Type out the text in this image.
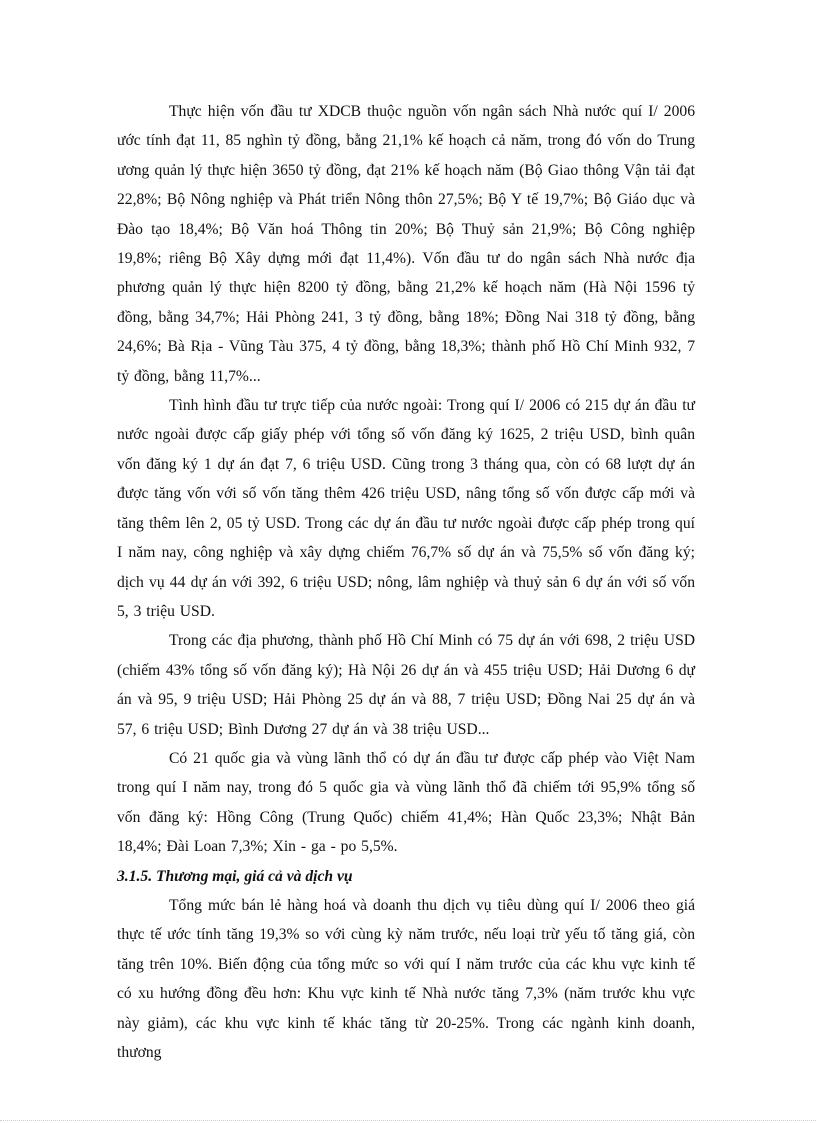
Thực hiện vốn đầu tư XDCB thuộc nguồn vốn ngân sách Nhà nước quí I/ 2006 ước tính đạt 11, 85 nghìn tỷ đồng, bằng 21,1% kế hoạch cả năm, trong đó vốn do Trung ương quản lý thực hiện 3650 tỷ đồng, đạt 21% kế hoạch năm (Bộ Giao thông Vận tải đạt 22,8%; Bộ Nông nghiệp và Phát triển Nông thôn 27,5%; Bộ Y tế 19,7%; Bộ Giáo dục và Đào tạo 18,4%; Bộ Văn hoá Thông tin 20%; Bộ Thuỷ sản 21,9%; Bộ Công nghiệp 19,8%; riêng Bộ Xây dựng mới đạt 11,4%). Vốn đầu tư do ngân sách Nhà nước địa phương quản lý thực hiện 8200 tỷ đồng, bằng 21,2% kế hoạch năm (Hà Nội 1596 tỷ đồng, bằng 34,7%; Hải Phòng 241, 3 tỷ đồng, bằng 18%; Đồng Nai 318 tỷ đồng, bằng 24,6%; Bà Rịa - Vũng Tàu 375, 4 tỷ đồng, bằng 18,3%; thành phố Hồ Chí Minh 932, 7 tỷ đồng, bằng 11,7%...

Tình hình đầu tư trực tiếp của nước ngoài: Trong quí I/ 2006 có 215 dự án đầu tư nước ngoài được cấp giấy phép với tổng số vốn đăng ký 1625, 2 triệu USD, bình quân vốn đăng ký 1 dự án đạt 7, 6 triệu USD. Cũng trong 3 tháng qua, còn có 68 lượt dự án được tăng vốn với số vốn tăng thêm 426 triệu USD, nâng tổng số vốn được cấp mới và tăng thêm lên 2, 05 tỷ USD. Trong các dự án đầu tư nước ngoài được cấp phép trong quí I năm nay, công nghiệp và xây dựng chiếm 76,7% số dự án và 75,5% số vốn đăng ký; dịch vụ 44 dự án với 392, 6 triệu USD; nông, lâm nghiệp và thuỷ sản 6 dự án với số vốn 5, 3 triệu USD.

Trong các địa phương, thành phố Hồ Chí Minh có 75 dự án với 698, 2 triệu USD (chiếm 43% tổng số vốn đăng ký); Hà Nội 26 dự án và 455 triệu USD; Hải Dương 6 dự án và 95, 9 triệu USD; Hải Phòng 25 dự án và 88, 7 triệu USD; Đồng Nai 25 dự án và 57, 6 triệu USD; Bình Dương 27 dự án và 38 triệu USD...

Có 21 quốc gia và vùng lãnh thổ có dự án đầu tư được cấp phép vào Việt Nam trong quí I năm nay, trong đó 5 quốc gia và vùng lãnh thổ đã chiếm tới 95,9% tổng số vốn đăng ký: Hồng Công (Trung Quốc) chiếm 41,4%; Hàn Quốc 23,3%; Nhật Bản 18,4%; Đài Loan 7,3%; Xin - ga - po 5,5%.

3.1.5. Thương mại, giá cả và dịch vụ

Tổng mức bán lẻ hàng hoá và doanh thu dịch vụ tiêu dùng quí I/ 2006 theo giá thực tế ước tính tăng 19,3% so với cùng kỳ năm trước, nếu loại trừ yếu tố tăng giá, còn tăng trên 10%. Biến động của tổng mức so với quí I năm trước của các khu vực kinh tế có xu hướng đồng đều hơn: Khu vực kinh tế Nhà nước tăng 7,3% (năm trước khu vực này giảm), các khu vực kinh tế khác tăng từ 20-25%. Trong các ngành kinh doanh, thương
